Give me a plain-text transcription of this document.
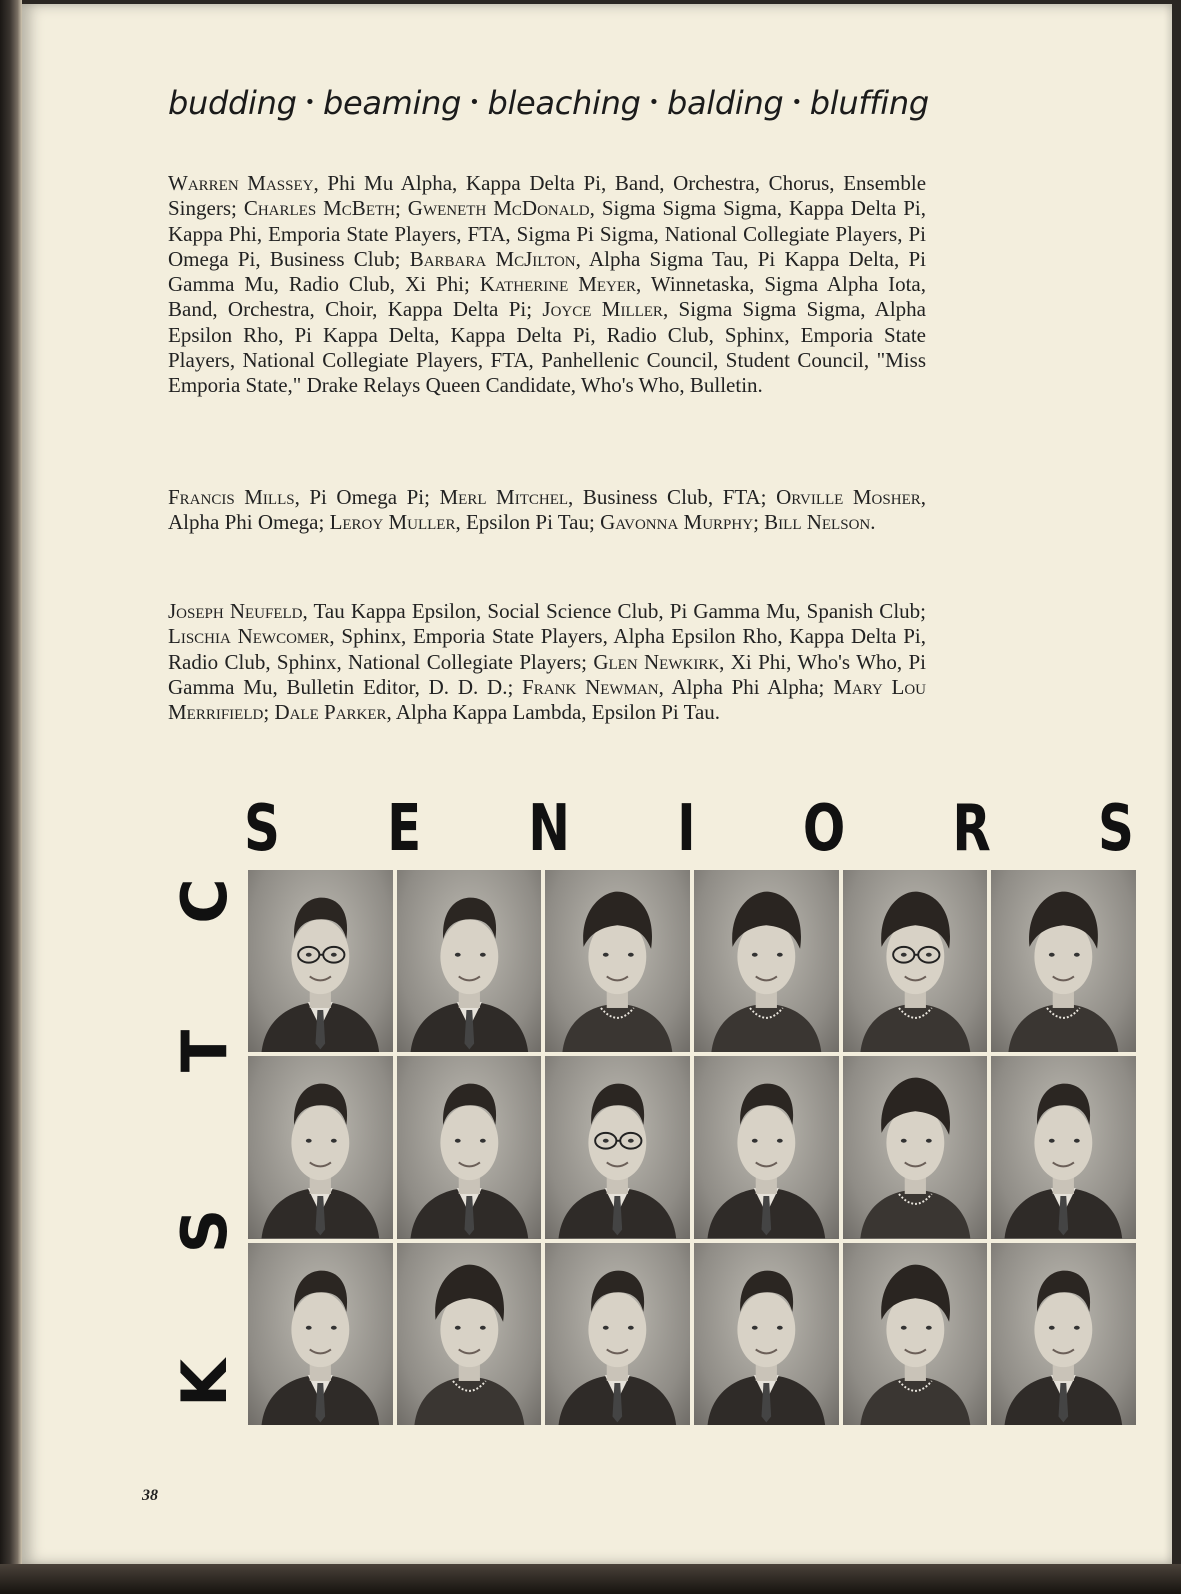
budding • beaming • bleaching • balding • bluffing
Warren Massey, Phi Mu Alpha, Kappa Delta Pi, Band, Orchestra, Chorus, Ensemble Singers; Charles McBeth; Gweneth McDonald, Sigma Sigma Sigma, Kappa Delta Pi, Kappa Phi, Emporia State Players, FTA, Sigma Pi Sigma, National Collegiate Players, Pi Omega Pi, Business Club; Barbara McJilton, Alpha Sigma Tau, Pi Kappa Delta, Pi Gamma Mu, Radio Club, Xi Phi; Katherine Meyer, Winnetaska, Sigma Alpha Iota, Band, Orchestra, Choir, Kappa Delta Pi; Joyce Miller, Sigma Sigma Sigma, Alpha Epsilon Rho, Pi Kappa Delta, Kappa Delta Pi, Radio Club, Sphinx, Emporia State Players, National Collegiate Players, FTA, Panhellenic Council, Student Council, "Miss Emporia State," Drake Relays Queen Candidate, Who's Who, Bulletin.
Francis Mills, Pi Omega Pi; Merl Mitchel, Business Club, FTA; Orville Mosher, Alpha Phi Omega; Leroy Muller, Epsilon Pi Tau; Gavonna Murphy; Bill Nelson.
Joseph Neufeld, Tau Kappa Epsilon, Social Science Club, Pi Gamma Mu, Spanish Club; Lischia Newcomer, Sphinx, Emporia State Players, Alpha Epsilon Rho, Kappa Delta Pi, Radio Club, Sphinx, National Collegiate Players; Glen Newkirk, Xi Phi, Who's Who, Pi Gamma Mu, Bulletin Editor, D. D. D.; Frank Newman, Alpha Phi Alpha; Mary Lou Merrifield; Dale Parker, Alpha Kappa Lambda, Epsilon Pi Tau.
S E N I O R S
K
S
T
C
38
